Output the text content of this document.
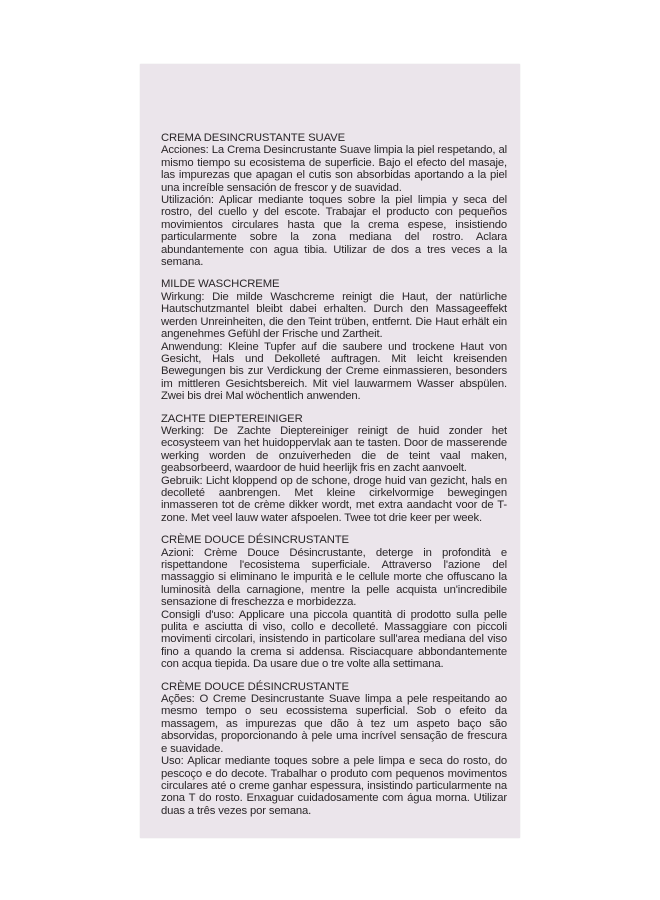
CREMA DESINCRUSTANTE SUAVE

Acciones: La Crema Desincrustante Suave limpia la piel respetando, al mismo tiempo su ecosistema de superficie. Bajo el efecto del masaje, las impurezas que apagan el cutis son absorbidas aportando a la piel una increíble sensación de frescor y de suavidad.

Utilización: Aplicar mediante toques sobre la piel limpia y seca del rostro, del cuello y del escote. Trabajar el producto con pequeños movimientos circulares hasta que la crema espese, insistiendo particularmente sobre la zona mediana del rostro. Aclara abundantemente con agua tibia. Utilizar de dos a tres veces a la semana.

MILDE WASCHCREME

Wirkung: Die milde Waschcreme reinigt die Haut, der natürliche Hautschutzmantel bleibt dabei erhalten. Durch den Massageeffekt werden Unreinheiten, die den Teint trüben, entfernt. Die Haut erhält ein angenehmes Gefühl der Frische und Zartheit.

Anwendung: Kleine Tupfer auf die saubere und trockene Haut von Gesicht, Hals und Dekolleté auftragen. Mit leicht kreisenden Bewegungen bis zur Verdickung der Creme einmassieren, besonders im mittleren Gesichtsbereich. Mit viel lauwarmem Wasser abspülen. Zwei bis drei Mal wöchentlich anwenden.

ZACHTE DIEPTEREINIGER

Werking: De Zachte Dieptereiniger reinigt de huid zonder het ecosysteem van het huidoppervlak aan te tasten. Door de masserende werking worden de onzuiverheden die de teint vaal maken, geabsorbeerd, waardoor de huid heerlijk fris en zacht aanvoelt.

Gebruik: Licht kloppend op de schone, droge huid van gezicht, hals en decolleté aanbrengen. Met kleine cirkelvormige bewegingen inmasseren tot de crème dikker wordt, met extra aandacht voor de T-zone. Met veel lauw water afspoelen. Twee tot drie keer per week.

CRÈME DOUCE DÉSINCRUSTANTE

Azioni: Crème Douce Désincrustante, deterge in profondità e rispettandone l'ecosistema superficiale. Attraverso l'azione del massaggio si eliminano le impurità e le cellule morte che offuscano la luminosità della carnagione, mentre la pelle acquista un'incredibile sensazione di freschezza e morbidezza.

Consigli d'uso: Applicare una piccola quantità di prodotto sulla pelle pulita e asciutta di viso, collo e decolleté. Massaggiare con piccoli movimenti circolari, insistendo in particolare sull'area mediana del viso fino a quando la crema si addensa. Risciacquare abbondantemente con acqua tiepida. Da usare due o tre volte alla settimana.

CRÈME DOUCE DÉSINCRUSTANTE

Ações: O Creme Desincrustante Suave limpa a pele respeitando ao mesmo tempo o seu ecossistema superficial. Sob o efeito da massagem, as impurezas que dão à tez um aspeto baço são absorvidas, proporcionando à pele uma incrível sensação de frescura e suavidade.

Uso: Aplicar mediante toques sobre a pele limpa e seca do rosto, do pescoço e do decote. Trabalhar o produto com pequenos movimentos circulares até o creme ganhar espessura, insistindo particularmente na zona T do rosto. Enxaguar cuidadosamente com água morna. Utilizar duas a três vezes por semana.
